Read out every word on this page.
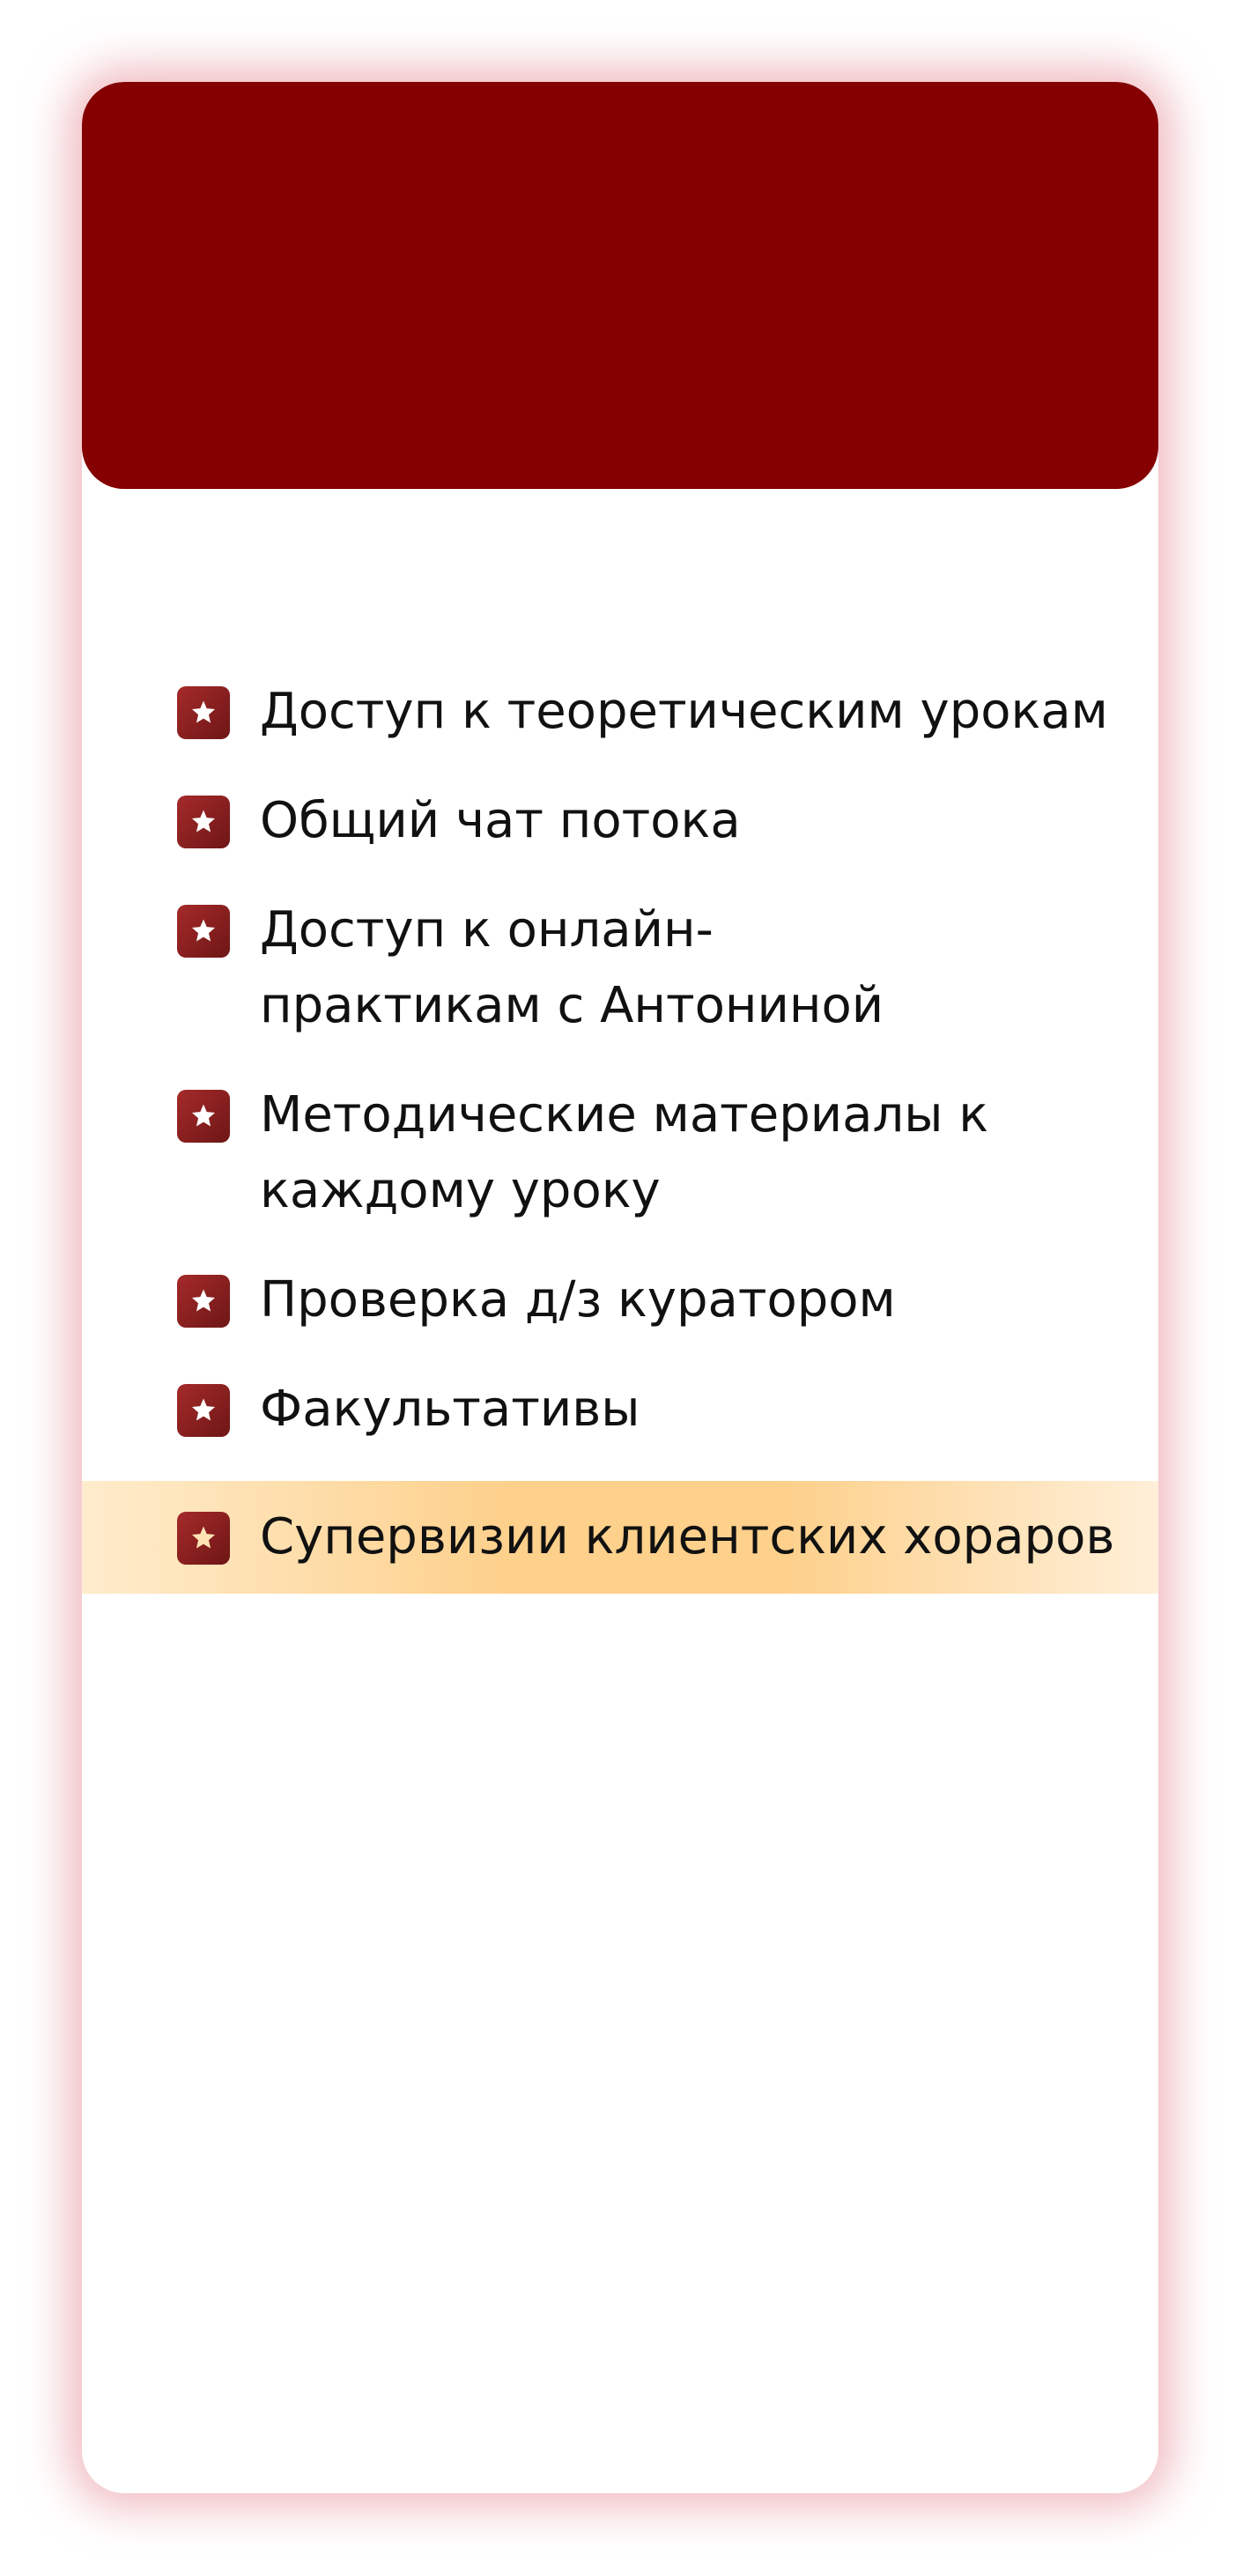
Доступ к теоретическим урокам
Общий чат потока
Доступ к онлайн-практикам с Антониной
Методические материалы к каждому уроку
Проверка д/з куратором
Факультативы
Супервизии клиентских хораров
